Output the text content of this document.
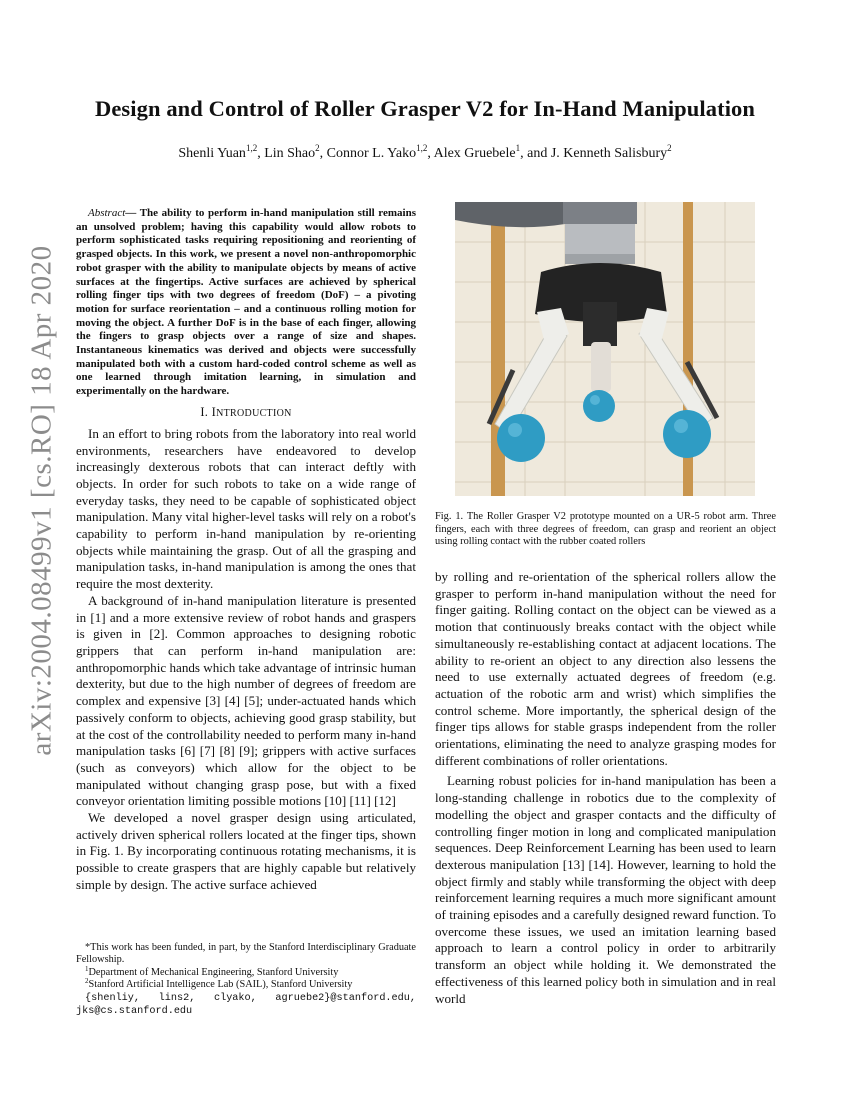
arXiv:2004.08499v1 [cs.RO] 18 Apr 2020
Design and Control of Roller Grasper V2 for In-Hand Manipulation
Shenli Yuan$^{1,2}$, Lin Shao$^2$, Connor L. Yako$^{1,2}$, Alex Gruebele$^1$, and J. Kenneth Salisbury$^2$

Abstract— The ability to perform in-hand manipulation still remains an unsolved problem; having this capability would allow robots to perform sophisticated tasks requiring repositioning and reorienting of grasped objects. In this work, we present a novel non-anthropomorphic robot grasper with the ability to manipulate objects by means of active surfaces at the fingertips. Active surfaces are achieved by spherical rolling finger tips with two degrees of freedom (DoF) – a pivoting motion for surface reorientation – and a continuous rolling motion for moving the object. A further DoF is in the base of each finger, allowing the fingers to grasp objects over a range of size and shapes. Instantaneous kinematics was derived and objects were successfully manipulated both with a custom hard-coded control scheme as well as one learned through imitation learning, in simulation and experimentally on the hardware.

I. INTRODUCTION

In an effort to bring robots from the laboratory into real world environments, researchers have endeavored to develop increasingly dexterous robots that can interact deftly with objects. In order for such robots to take on a wide range of everyday tasks, they need to be capable of sophisticated object manipulation. Many vital higher-level tasks will rely on a robot's capability to perform in-hand manipulation by re-orienting objects while maintaining the grasp. Out of all the grasping and manipulation tasks, in-hand manipulation is among the ones that require the most dexterity.

A background of in-hand manipulation literature is presented in [1] and a more extensive review of robot hands and graspers is given in [2]. Common approaches to designing robotic grippers that can perform in-hand manipulation are: anthropomorphic hands which take advantage of intrinsic human dexterity, but due to the high number of degrees of freedom are complex and expensive [3] [4] [5]; under-actuated hands which passively conform to objects, achieving good grasp stability, but at the cost of the controllability needed to perform many in-hand manipulation tasks [6] [7] [8] [9]; grippers with active surfaces (such as conveyors) which allow for the object to be manipulated without changing grasp pose, but with a fixed conveyor orientation limiting possible motions [10] [11] [12]

We developed a novel grasper design using articulated, actively driven spherical rollers located at the finger tips, shown in Fig. 1. By incorporating continuous rotating mechanisms, it is possible to create graspers that are highly capable but relatively simple by design. The active surface achieved

*This work has been funded, in part, by the Stanford Interdisciplinary Graduate Fellowship.

$^1$Department of Mechanical Engineering, Stanford University

$^2$Stanford Artificial Intelligence Lab (SAIL), Stanford University

{shenliy, lins2, clyako, agruebe2}@stanford.edu, jks@cs.stanford.edu

Fig. 1. The Roller Grasper V2 prototype mounted on a UR-5 robot arm. Three fingers, each with three degrees of freedom, can grasp and reorient an object using rolling contact with the rubber coated rollers

by rolling and re-orientation of the spherical rollers allow the grasper to perform in-hand manipulation without the need for finger gaiting. Rolling contact on the object can be viewed as a motion that continuously breaks contact with the object while simultaneously re-establishing contact at adjacent locations. The ability to re-orient an object to any direction also lessens the need to use externally actuated degrees of freedom (e.g. actuation of the robotic arm and wrist) which simplifies the control scheme. More importantly, the spherical design of the finger tips allows for stable grasps independent from the roller orientations, eliminating the need to analyze grasping modes for different combinations of roller orientations.

Learning robust policies for in-hand manipulation has been a long-standing challenge in robotics due to the complexity of modelling the object and grasper contacts and the difficulty of controlling finger motion in long and complicated manipulation sequences. Deep Reinforcement Learning has been used to learn dexterous manipulation [13] [14]. However, learning to hold the object firmly and stably while transforming the object with deep reinforcement learning requires a much more significant amount of training episodes and a carefully designed reward function. To overcome these issues, we used an imitation learning based approach to learn a control policy in order to arbitrarily transform an object while holding it. We demonstrated the effectiveness of this learned policy both in simulation and in real world
